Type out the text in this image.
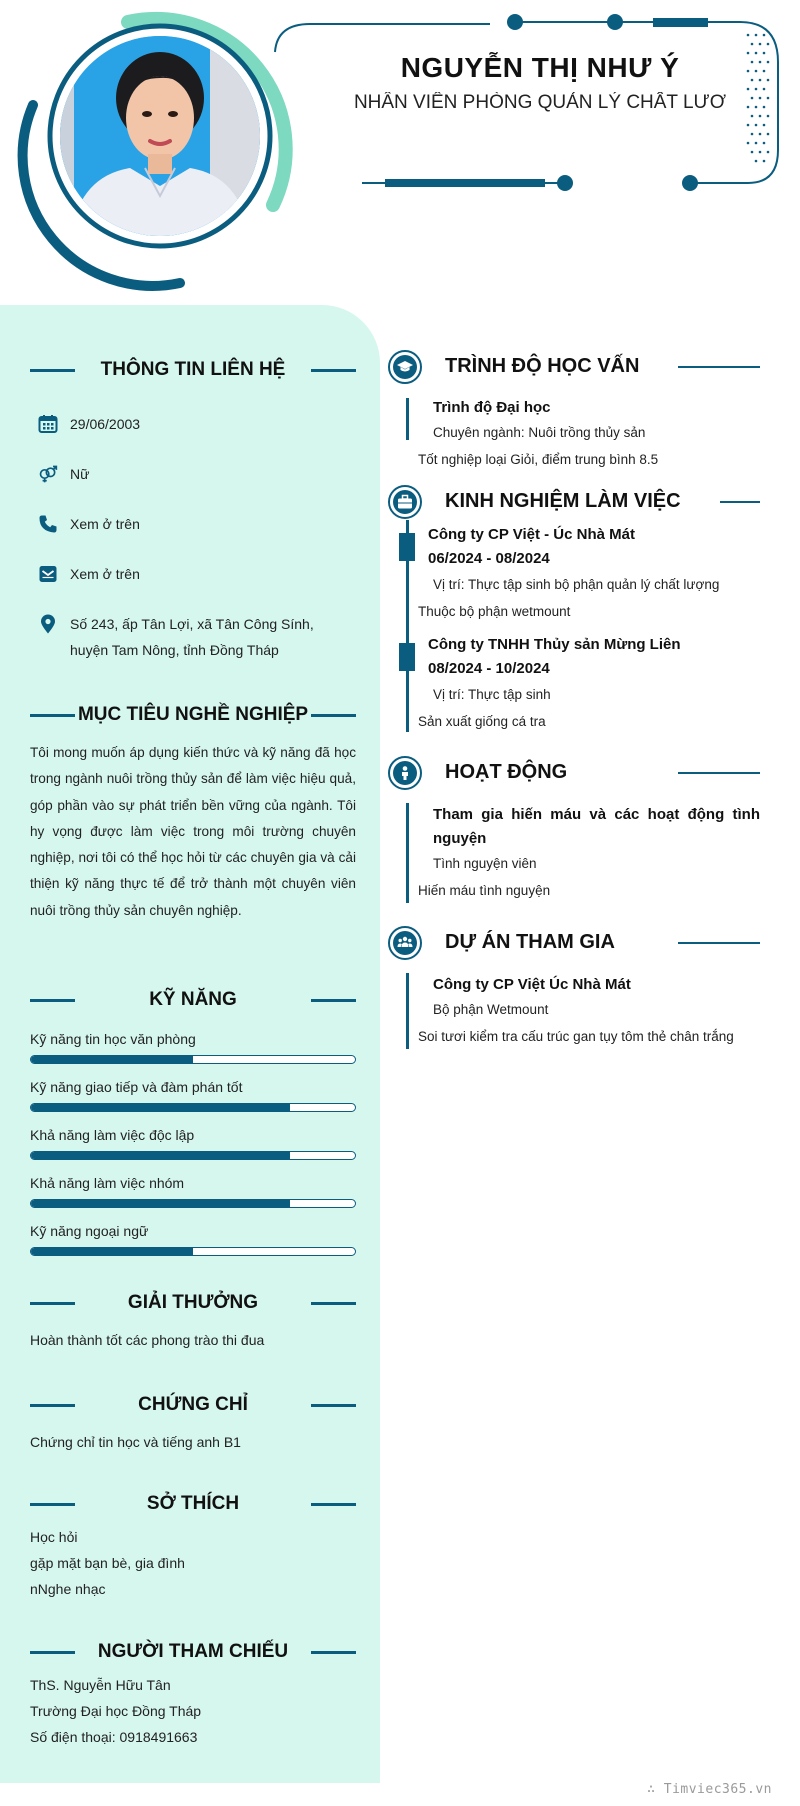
NGUYỄN THỊ NHƯ Ý
NHÂN VIÊN PHÒNG QUẢN LÝ CHẤT LƯƠ
THÔNG TIN LIÊN HỆ
29/06/2003
Nữ
Xem ở trên
Xem ở trên
Số 243, ấp Tân Lợi, xã Tân Công Sính,
huyện Tam Nông, tỉnh Đồng Tháp
MỤC TIÊU NGHỀ NGHIỆP
Tôi mong muốn áp dụng kiến thức và kỹ năng đã học trong ngành nuôi trồng thủy sản để làm việc hiệu quả, góp phần vào sự phát triển bền vững của ngành. Tôi hy vọng được làm việc trong môi trường chuyên nghiệp, nơi tôi có thể học hỏi từ các chuyên gia và cải thiện kỹ năng thực tế để trở thành một chuyên viên nuôi trồng thủy sản chuyên nghiệp.
KỸ NĂNG
Kỹ năng tin học văn phòng
Kỹ năng giao tiếp và đàm phán tốt
Khả năng làm việc độc lập
Khả năng làm việc nhóm
Kỹ năng ngoại ngữ
GIẢI THƯỞNG
Hoàn thành tốt các phong trào thi đua
CHỨNG CHỈ
Chứng chỉ tin học và tiếng anh B1
SỞ THÍCH
Học hỏi
gặp mặt bạn bè, gia đình
nNghe nhạc
NGƯỜI THAM CHIẾU
ThS. Nguyễn Hữu Tân
Trường Đại học Đồng Tháp
Số điện thoại: 0918491663
TRÌNH ĐỘ HỌC VẤN
Trình độ Đại học
Chuyên ngành: Nuôi trồng thủy sản
Tốt nghiệp loại Giỏi, điểm trung bình 8.5
KINH NGHIỆM LÀM VIỆC
Công ty CP Việt - Úc Nhà Mát
06/2024 - 08/2024
Vị trí: Thực tập sinh bộ phận quản lý chất lượng
Thuộc bộ phận wetmount
Công ty TNHH Thủy sản Mừng Liên
08/2024 - 10/2024
Vị trí: Thực tập sinh
Sản xuất giống cá tra
HOẠT ĐỘNG
Tham gia hiến máu và các hoạt động tình nguyện
Tình nguyện viên
Hiến máu tình nguyện
DỰ ÁN THAM GIA
Công ty CP Việt Úc Nhà Mát
Bộ phận Wetmount
Soi tươi kiểm tra cấu trúc gan tụy tôm thẻ chân trắng
∴ Timviec365.vn
